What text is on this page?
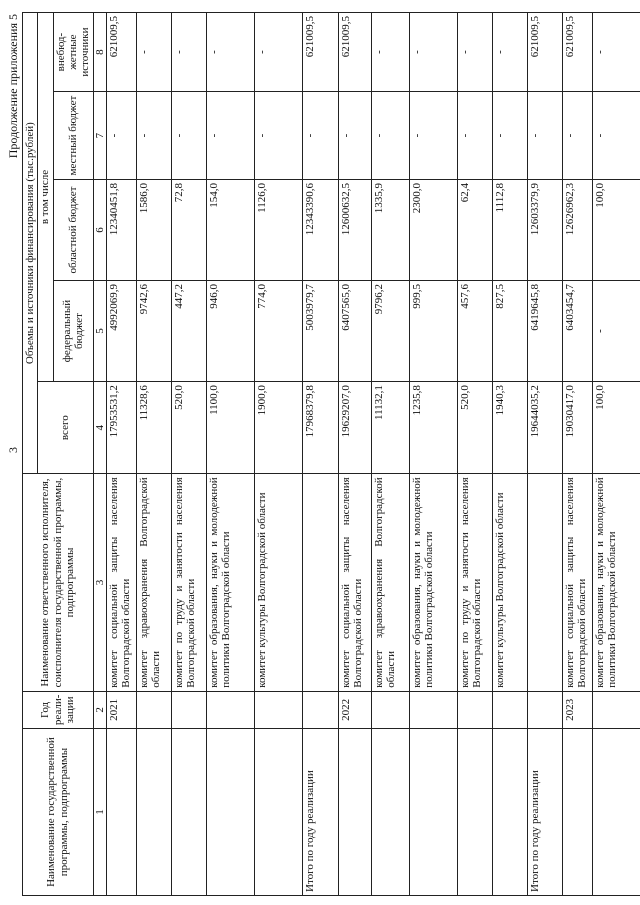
3
Продолжение приложения 5
Наименование государственной программы, подпрограммы	Год реали-зации	Наименование ответственного исполнителя, соисполнителя государственной программы, подпрограммы	Объемы и источники финансирования (тыс.рублей)				
			всего	в том числе			
				федеральный бюджет	областной бюджет	местный бюджет	внебюд-жетные источники
1	2	3	4	5	6	7	8
	2021	комитет социальной защиты населения Волгоградской области	17953531,2	4992069,9	12340451,8	-	621009,5
		комитет здравоохранения Волгоградской области	11328,6	9742,6	1586,0	-	-
		комитет по труду и занятости населения Волгоградской области	520,0	447,2	72,8	-	-
		комитет образования, науки и молодежной политики Волгоградской области	1100,0	946,0	154,0	-	-
		комитет культуры Волгоградской области	1900,0	774,0	1126,0	-	-
Итого по году реализации			17968379,8	5003979,7	12343390,6	-	621009,5
	2022	комитет социальной защиты населения Волгоградской области	19629207,0	6407565,0	12600632,5	-	621009,5
		комитет здравоохранения Волгоградской области	11132,1	9796,2	1335,9	-	-
		комитет образования, науки и молодежной политики Волгоградской области	1235,8	999,5	2300,0	-	-
		комитет по труду и занятости населения Волгоградской области	520,0	457,6	62,4	-	-
		комитет культуры Волгоградской области	1940,3	827,5	1112,8	-	-
Итого по году реализации			19644035,2	6419645,8	12603379,9	-	621009,5
	2023	комитет социальной защиты населения Волгоградской области	19030417,0	6403454,7	12626962,3	-	621009,5
		комитет образования, науки и молодежной политики Волгоградской области	100,0	-	100,0	-	-
